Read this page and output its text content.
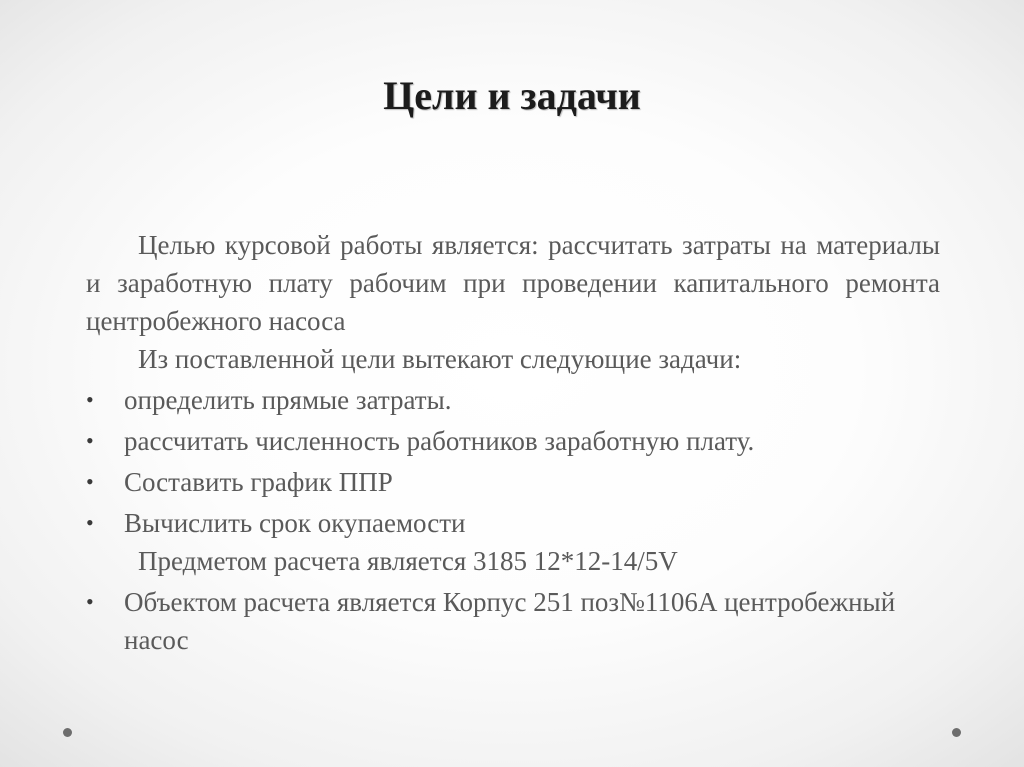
Цели и задачи

Целью курсовой работы является: рассчитать затраты на материалы и заработную плату рабочим при проведении капитального ремонта центробежного насоса

Из поставленной цели вытекают следующие задачи:

•	определить прямые затраты.
•	рассчитать численность работников заработную плату.
•	Составить график ППР
•	Вычислить срок окупаемости

Предметом расчета является 3185 12*12-14/5V

•	Объектом расчета является Корпус 251 поз№1106А центробежный насос
